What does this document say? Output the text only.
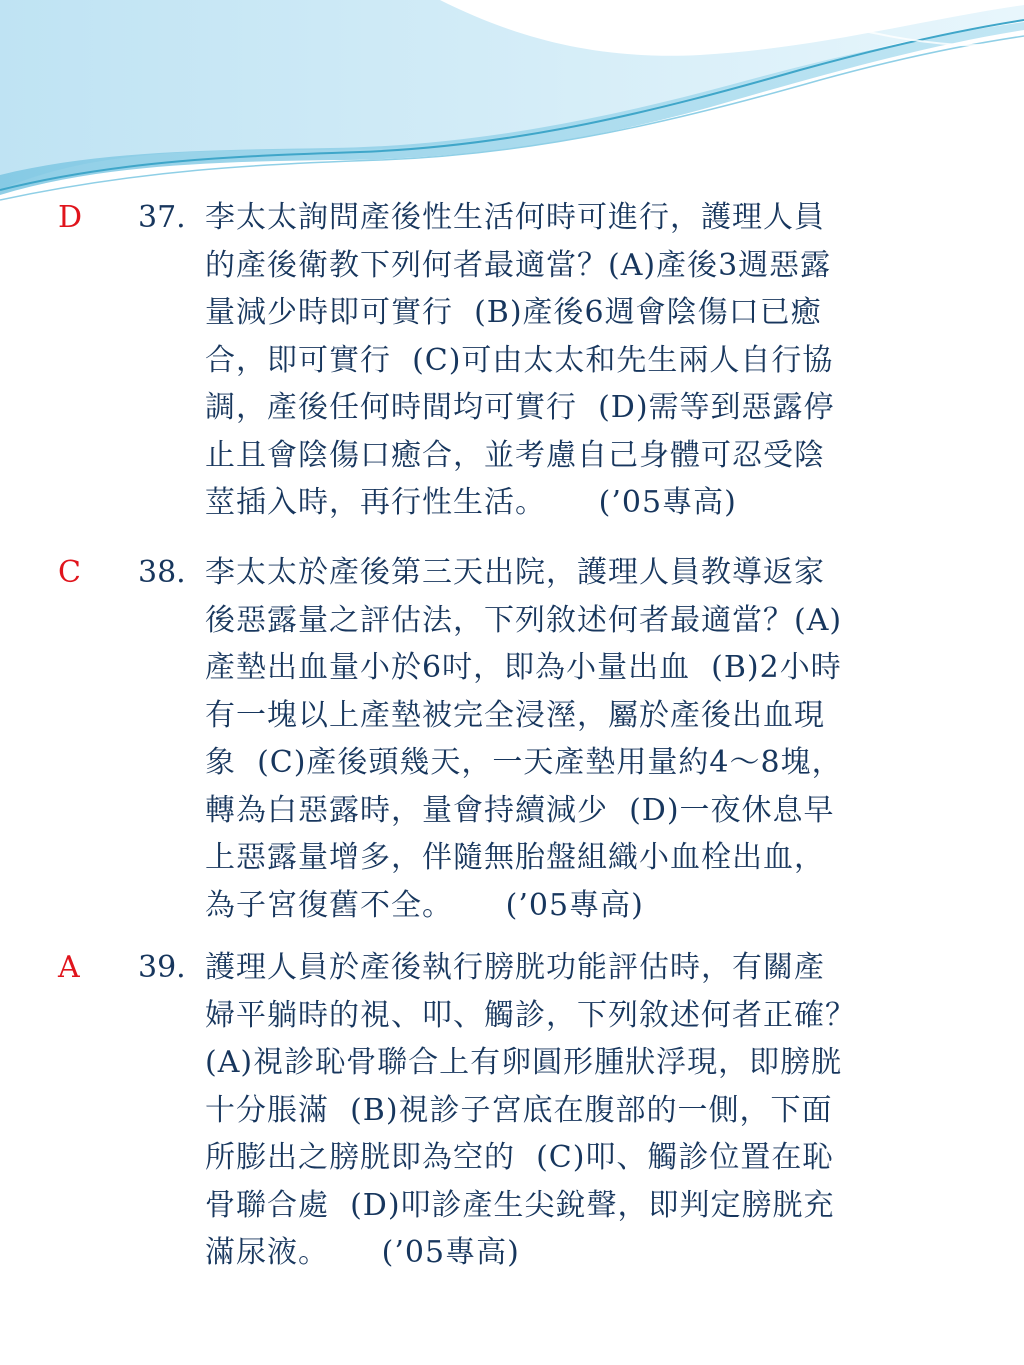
D 37. 李太太詢問產後性生活何時可進行，護理人員
的產後衛教下列何者最適當？(A)產後3週惡露
量減少時即可實行  (B)產後6週會陰傷口已癒
合，即可實行  (C)可由太太和先生兩人自行協
調，產後任何時間均可實行  (D)需等到惡露停
止且會陰傷口癒合，並考慮自己身體可忍受陰
莖插入時，再行性生活。     (’05專高)
C 38. 李太太於產後第三天出院，護理人員教導返家
後惡露量之評估法，下列敘述何者最適當？(A)
產墊出血量小於6吋，即為小量出血  (B)2小時
有一塊以上產墊被完全浸溼，屬於產後出血現
象  (C)產後頭幾天，一天產墊用量約4～8塊，
轉為白惡露時，量會持續減少  (D)一夜休息早
上惡露量增多，伴隨無胎盤組織小血栓出血，
為子宮復舊不全。     (’05專高)
A 39. 護理人員於產後執行膀胱功能評估時，有關產
婦平躺時的視、叩、觸診，下列敘述何者正確？
(A)視診恥骨聯合上有卵圓形腫狀浮現，即膀胱
十分脹滿  (B)視診子宮底在腹部的一側，下面
所膨出之膀胱即為空的  (C)叩、觸診位置在恥
骨聯合處  (D)叩診產生尖銳聲，即判定膀胱充
滿尿液。     (’05專高)
